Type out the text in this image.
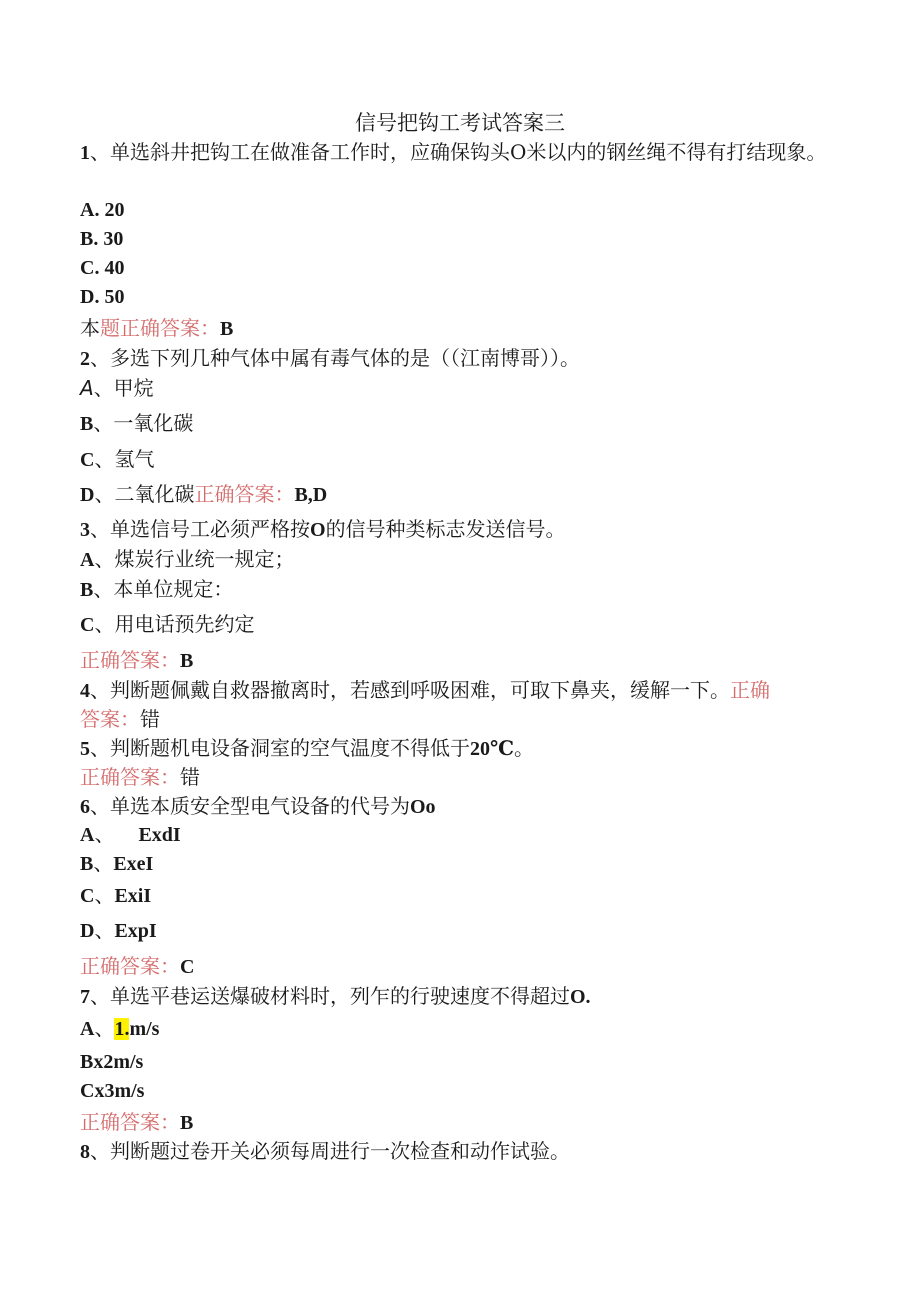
信号把钩工考试答案三
1、单选斜井把钩工在做准备工作时，应确保钩头O米以内的钢丝绳不得有打结现象。
A. 20
B. 30
C. 40
D. 50
本题正确答案：B
2、多选下列几种气体中属有毒气体的是（（江南博哥））。
A、甲烷
B、一氧化碳
C、氢气
D、二氧化碳正确答案：B,D
3、单选信号工必须严格按O的信号种类标志发送信号。
A、煤炭行业统一规定；
B、本单位规定：
C、用电话预先约定
正确答案：B
4、判断题佩戴自救器撤离时，若感到呼吸困难，可取下鼻夹，缓解一下。正确
答案：错
5、判断题机电设备洞室的空气温度不得低于20℃。
正确答案：错
6、单选本质安全型电气设备的代号为Oo
A、 ExdI
B、ExeI
C、ExiI
D、ExpI
正确答案：C
7、单选平巷运送爆破材料时，列乍的行驶速度不得超过O.
A、1.m/s
Bx2m/s
Cx3m/s
正确答案：B
8、判断题过卷开关必须每周进行一次检查和动作试验。
